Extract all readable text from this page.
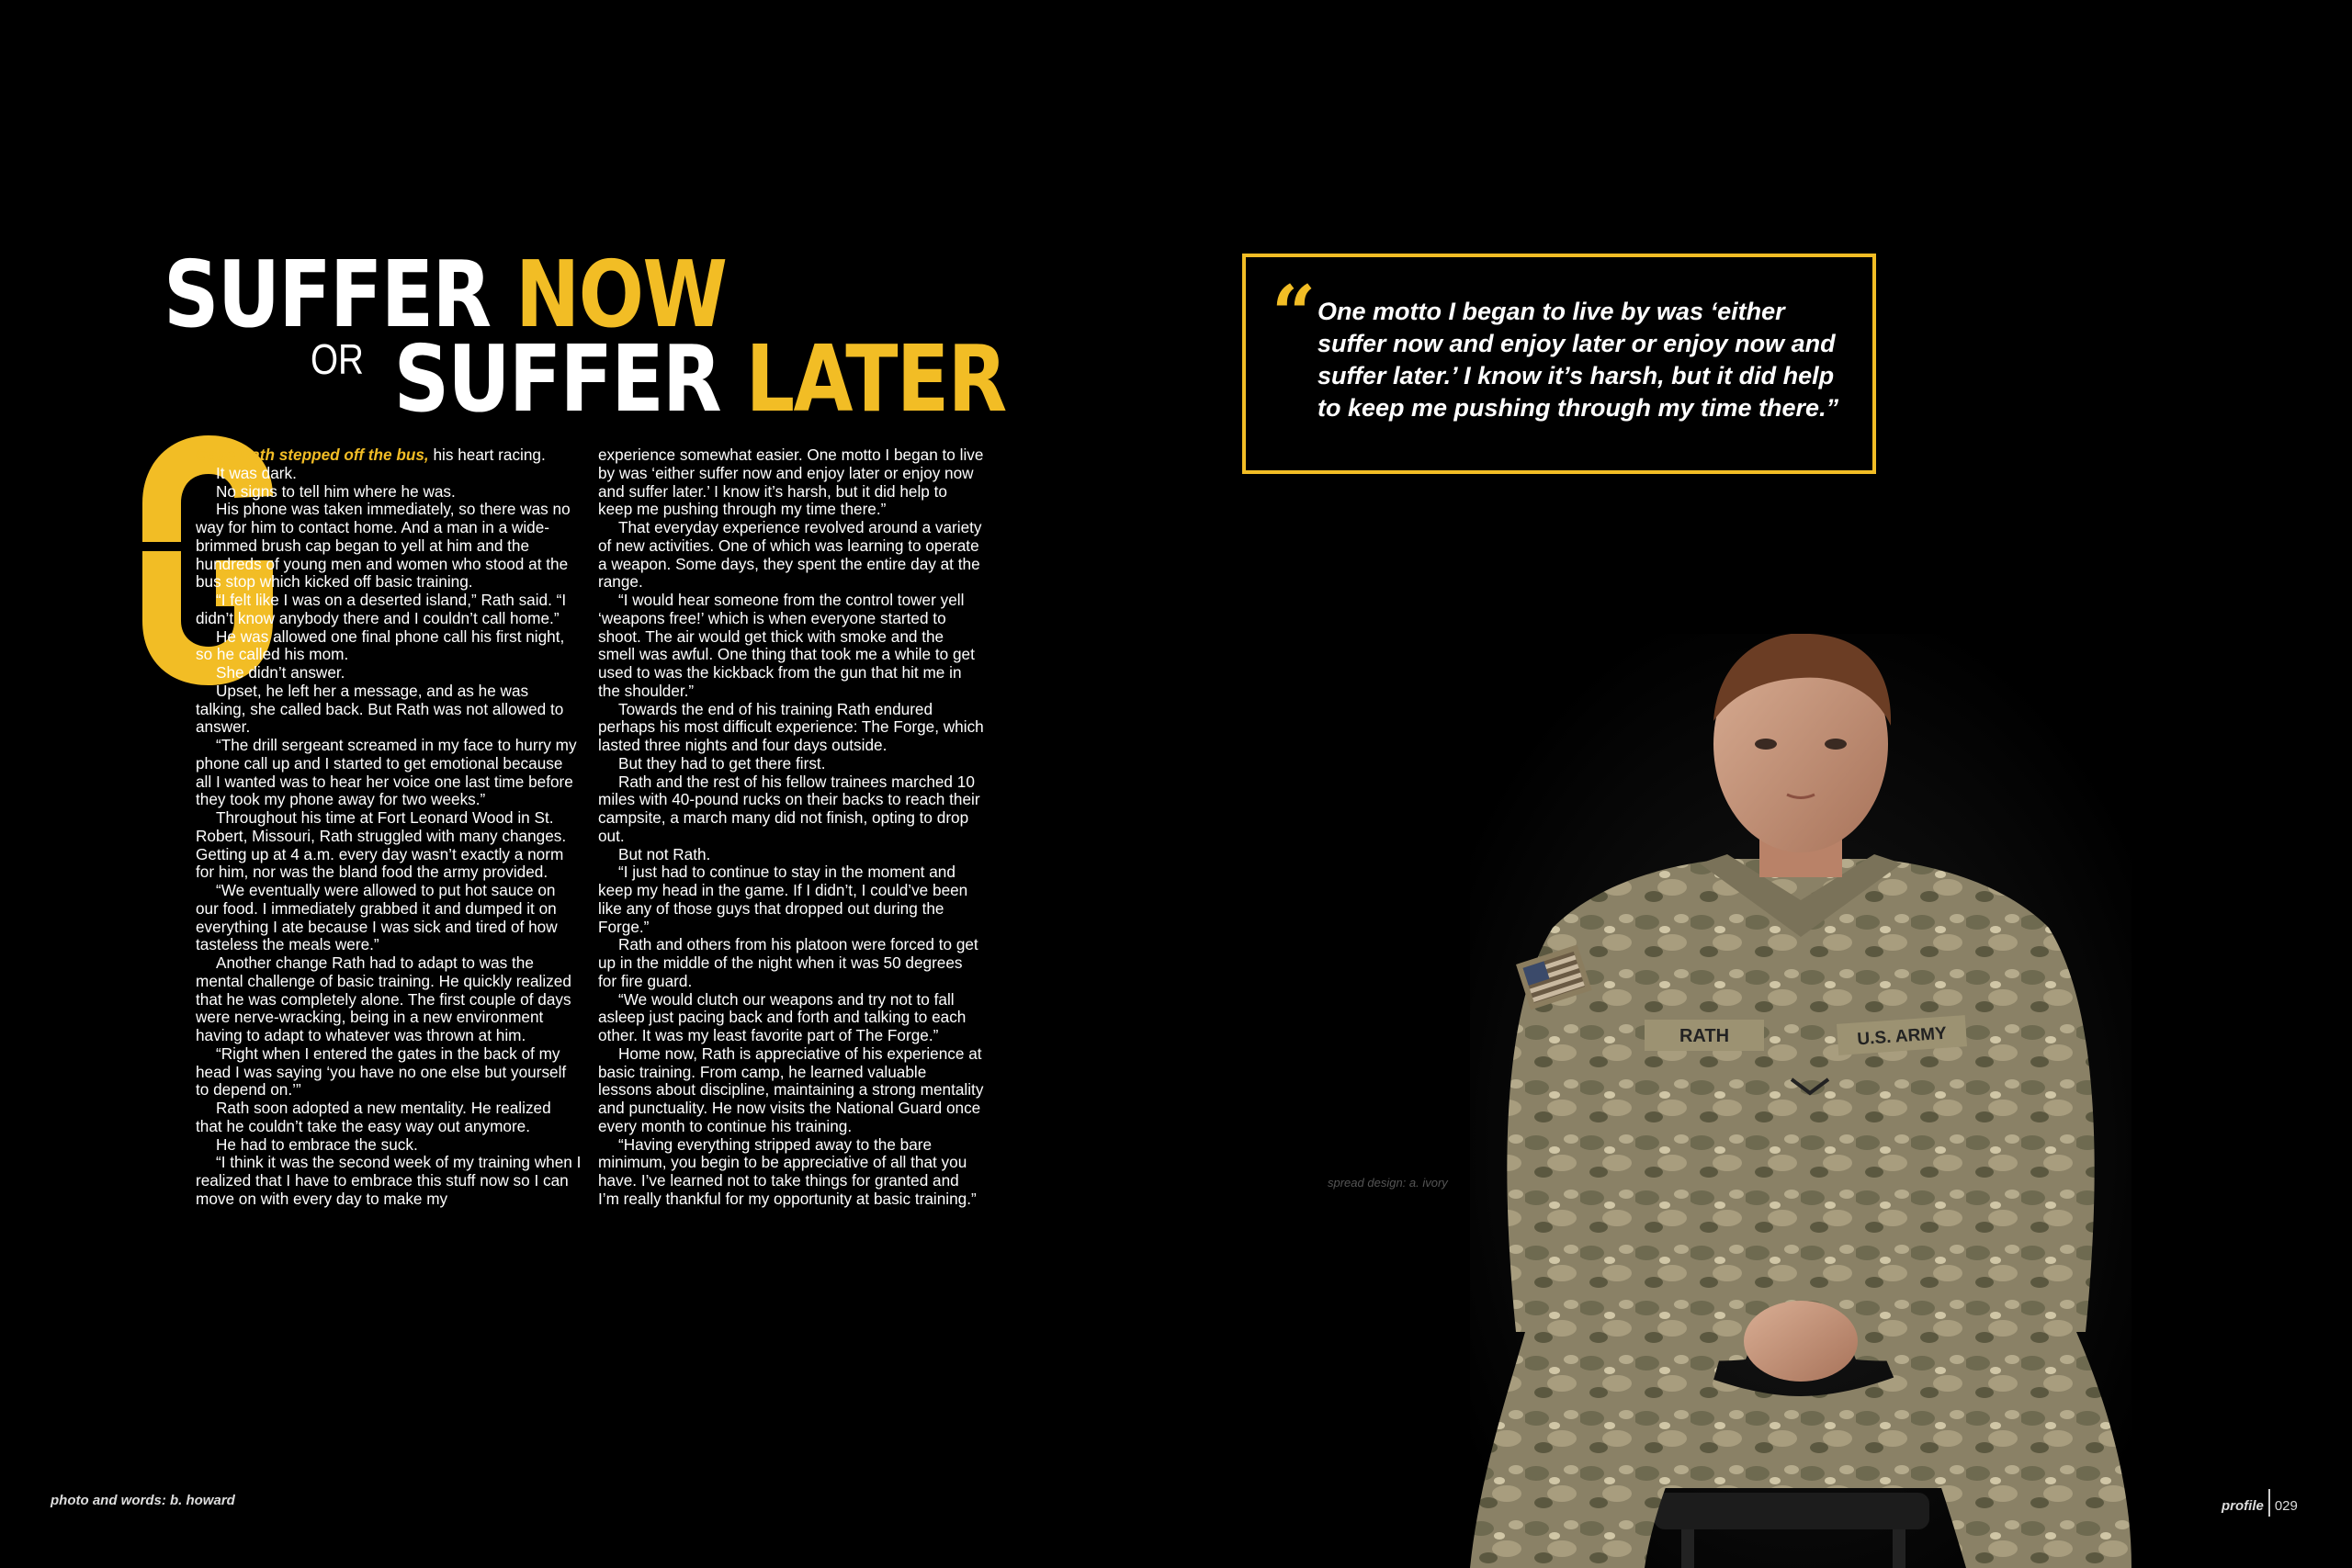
SUFFER NOW
$^{OR}$ SUFFER LATER

Gage Rath stepped off the bus, his heart racing.

It was dark.

No signs to tell him where he was.

His phone was taken immediately, so there was no way for him to contact home. And a man in a wide-brimmed brush cap began to yell at him and the hundreds of young men and women who stood at the bus stop which kicked off basic training.

“I felt like I was on a deserted island,” Rath said. “I didn’t know anybody there and I couldn’t call home.”

He was allowed one final phone call his first night, so he called his mom.

She didn’t answer.

Upset, he left her a message, and as he was talking, she called back. But Rath was not allowed to answer.

“The drill sergeant screamed in my face to hurry my phone call up and I started to get emotional because all I wanted was to hear her voice one last time before they took my phone away for two weeks.”

Throughout his time at Fort Leonard Wood in St. Robert, Missouri, Rath struggled with many changes. Getting up at 4 a.m. every day wasn’t exactly a norm for him, nor was the bland food the army provided.

“We eventually were allowed to put hot sauce on our food. I immediately grabbed it and dumped it on everything I ate because I was sick and tired of how tasteless the meals were.”

Another change Rath had to adapt to was the mental challenge of basic training. He quickly realized that he was completely alone. The first couple of days were nerve-wracking, being in a new environment having to adapt to whatever was thrown at him.

“Right when I entered the gates in the back of my head I was saying ‘you have no one else but yourself to depend on.’”

Rath soon adopted a new mentality. He realized that he couldn’t take the easy way out anymore.

He had to embrace the suck.

“I think it was the second week of my training when I realized that I have to embrace this stuff now so I can move on with every day to make my

experience somewhat easier. One motto I began to live by was ‘either suffer now and enjoy later or enjoy now and suffer later.’ I know it’s harsh, but it did help to keep me pushing through my time there.”

That everyday experience revolved around a variety of new activities. One of which was learning to operate a weapon. Some days, they spent the entire day at the range.

“I would hear someone from the control tower yell ‘weapons free!’ which is when everyone started to shoot. The air would get thick with smoke and the smell was awful. One thing that took me a while to get used to was the kickback from the gun that hit me in the shoulder.”

Towards the end of his training Rath endured perhaps his most difficult experience: The Forge, which lasted three nights and four days outside.

But they had to get there first.

Rath and the rest of his fellow trainees marched 10 miles with 40-pound rucks on their backs to reach their campsite, a march many did not finish, opting to drop out.

But not Rath.

“I just had to continue to stay in the moment and keep my head in the game. If I didn’t, I could’ve been like any of those guys that dropped out during the Forge.”

Rath and others from his platoon were forced to get up in the middle of the night when it was 50 degrees for fire guard.

“We would clutch our weapons and try not to fall asleep just pacing back and forth and talking to each other. It was my least favorite part of The Forge.”

Home now, Rath is appreciative of his experience at basic training. From camp, he learned valuable lessons about discipline, maintaining a strong mentality and punctuality. He now visits the National Guard once every month to continue his training.

“Having everything stripped away to the bare minimum, you begin to be appreciative of all that you have. I’ve learned not to take things for granted and I’m really thankful for my opportunity at basic training.”

“ One motto I began to live by was ‘either suffer now and enjoy later or enjoy now and suffer later.’ I know it’s harsh, but it did help to keep me pushing through my time there.”

RATH	U.S. ARMY
spread design: a. ivory
photo and words: b. howard	profile 029
